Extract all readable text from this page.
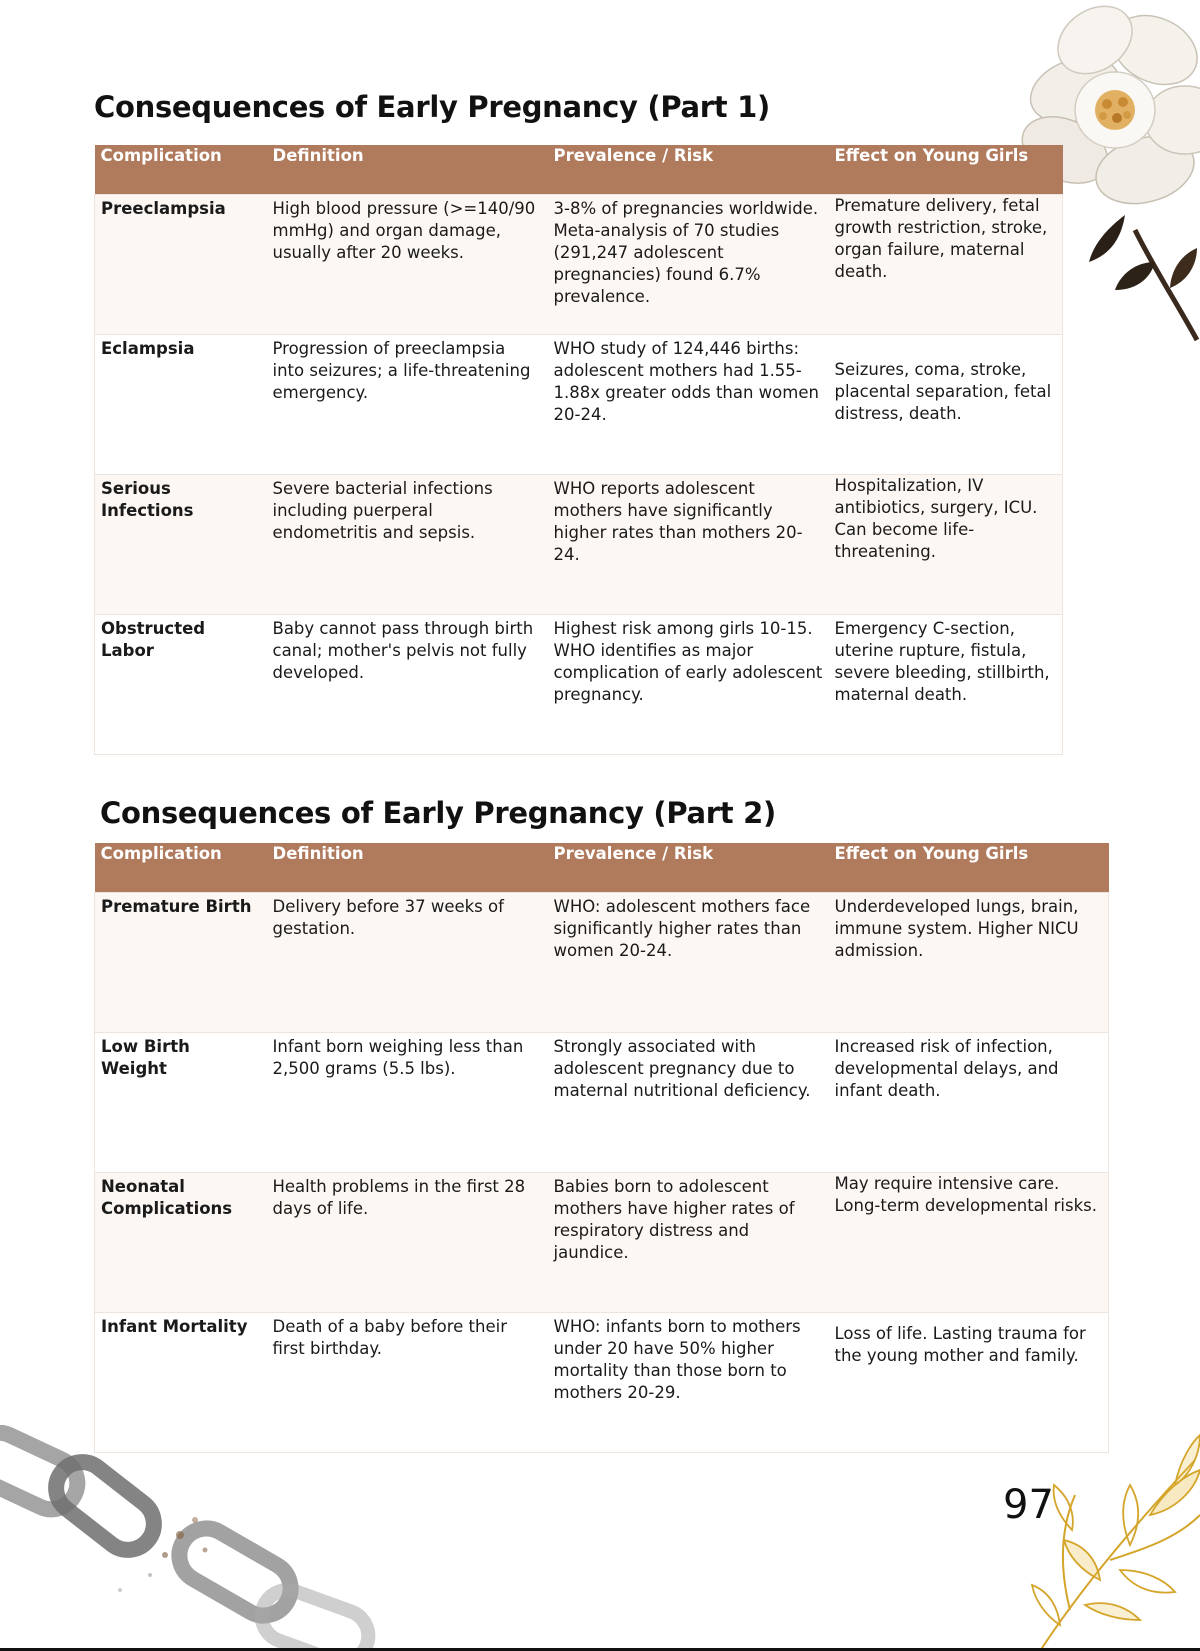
Consequences of Early Pregnancy (Part 1)
Complication	Definition	Prevalence / Risk	Effect on Young Girls
Preeclampsia	High blood pressure (>=140/90 mmHg) and organ damage, usually after 20 weeks.	3-8% of pregnancies worldwide. Meta-analysis of 70 studies (291,247 adolescent pregnancies) found 6.7% prevalence.	Premature delivery, fetal growth restriction, stroke, organ failure, maternal death.
Eclampsia	Progression of preeclampsia into seizures; a life-threatening emergency.	WHO study of 124,446 births: adolescent mothers had 1.55-1.88x greater odds than women 20-24.	Seizures, coma, stroke, placental separation, fetal distress, death.
Serious Infections	Severe bacterial infections including puerperal endometritis and sepsis.	WHO reports adolescent mothers have significantly higher rates than mothers 20-24.	Hospitalization, IV antibiotics, surgery, ICU. Can become life-threatening.
Obstructed Labor	Baby cannot pass through birth canal; mother's pelvis not fully developed.	Highest risk among girls 10-15. WHO identifies as major complication of early adolescent pregnancy.	Emergency C-section, uterine rupture, fistula, severe bleeding, stillbirth, maternal death.
Consequences of Early Pregnancy (Part 2)
Complication	Definition	Prevalence / Risk	Effect on Young Girls
Premature Birth	Delivery before 37 weeks of gestation.	WHO: adolescent mothers face significantly higher rates than women 20-24.	Underdeveloped lungs, brain, immune system. Higher NICU admission.
Low Birth Weight	Infant born weighing less than 2,500 grams (5.5 lbs).	Strongly associated with adolescent pregnancy due to maternal nutritional deficiency.	Increased risk of infection, developmental delays, and infant death.
Neonatal Complications	Health problems in the first 28 days of life.	Babies born to adolescent mothers have higher rates of respiratory distress and jaundice.	May require intensive care. Long-term developmental risks.
Infant Mortality	Death of a baby before their first birthday.	WHO: infants born to mothers under 20 have 50% higher mortality than those born to mothers 20-29.	Loss of life. Lasting trauma for the young mother and family.
97
